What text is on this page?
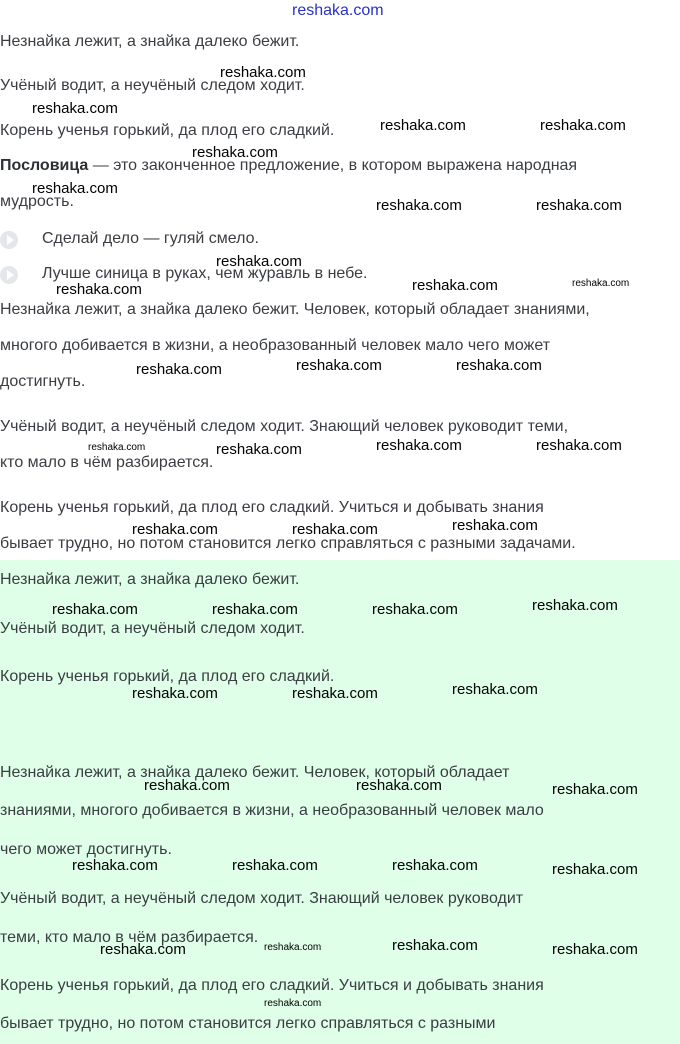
Незнайка лежит, а знайка далеко бежит.
Учёный водит, а неучёный следом ходит.
Корень ученья горький, да плод его сладкий.
Пословица — это законченное предложение, в котором выражена народная
мудрость.
Сделай дело — гуляй смело.
Лучше синица в руках, чем журавль в небе.
Незнайка лежит, а знайка далеко бежит. Человек, который обладает знаниями,
многого добивается в жизни, а необразованный человек мало чего может
достигнуть.
Учёный водит, а неучёный следом ходит. Знающий человек руководит теми,
кто мало в чём разбирается.
Корень ученья горький, да плод его сладкий. Учиться и добывать знания
бывает трудно, но потом становится легко справляться с разными задачами.
Незнайка лежит, а знайка далеко бежит.
Учёный водит, а неучёный следом ходит.
Корень ученья горький, да плод его сладкий.
Незнайка лежит, а знайка далеко бежит. Человек, который обладает
знаниями, многого добивается в жизни, а необразованный человек мало
чего может достигнуть.
Учёный водит, а неучёный следом ходит. Знающий человек руководит
теми, кто мало в чём разбирается.
Корень ученья горький, да плод его сладкий. Учиться и добывать знания
бывает трудно, но потом становится легко справляться с разными
reshaka.com
reshaka.com
reshaka.com
reshaka.com	reshaka.com
reshaka.com
reshaka.com
reshaka.com	reshaka.com
reshaka.com
reshaka.com	reshaka.com	reshaka.com
reshaka.com	reshaka.com
reshaka.com
reshaka.com	reshaka.com	reshaka.com	reshaka.com
reshaka.com
reshaka.com	reshaka.com
reshaka.com
reshaka.com	reshaka.com	reshaka.com
reshaka.com
reshaka.com	reshaka.com
reshaka.com	reshaka.com	reshaka.com
reshaka.com	reshaka.com	reshaka.com	reshaka.com
reshaka.com	reshaka.com	reshaka.com	reshaka.com
reshaka.com
